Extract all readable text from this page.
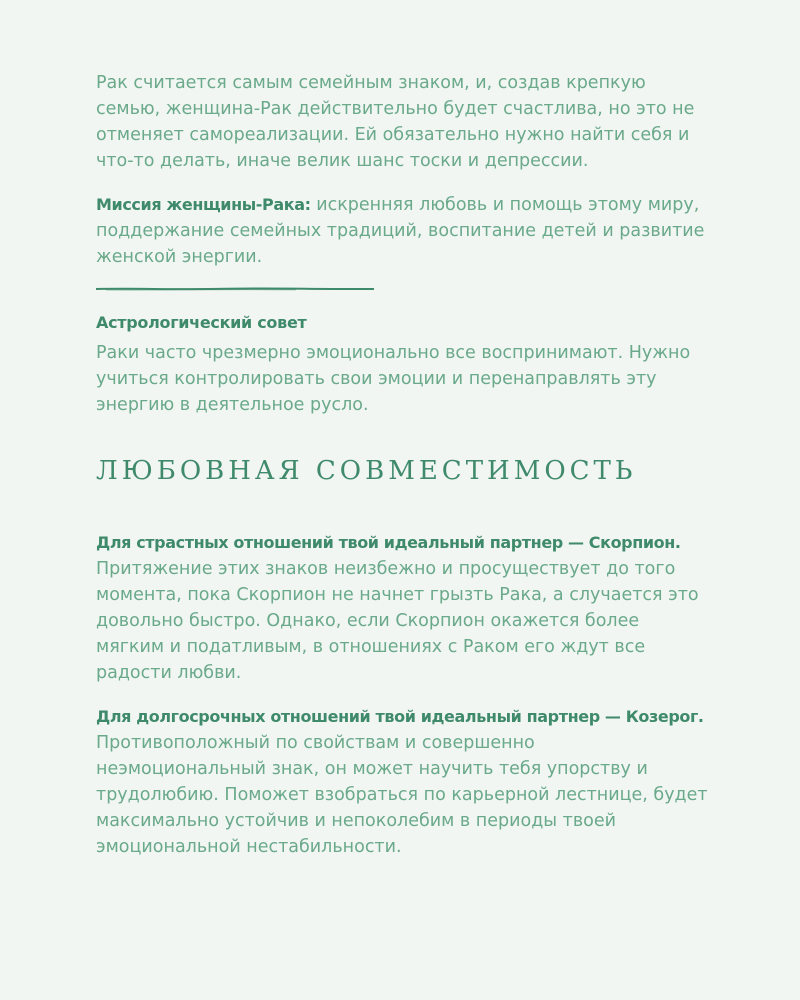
Рак считается самым семейным знаком, и, создав крепкую семью, женщина-Рак действительно будет счастлива, но это не отменяет самореализации. Ей обязательно нужно найти себя и что-то делать, иначе велик шанс тоски и депрессии.

Миссия женщины-Рака: искренняя любовь и помощь этому миру, поддержание семейных традиций, воспитание детей и развитие женской энергии.

Астрологический совет

Раки часто чрезмерно эмоционально все воспринимают. Нужно учиться контролировать свои эмоции и перенаправлять эту энергию в деятельное русло.

ЛЮБОВНАЯ СОВМЕСТИМОСТЬ

Для страстных отношений твой идеальный партнер — Скорпион. Притяжение этих знаков неизбежно и просуществует до того момента, пока Скорпион не начнет грызть Рака, а случается это довольно быстро. Однако, если Скорпион окажется более мягким и податливым, в отношениях с Раком его ждут все радости любви.

Для долгосрочных отношений твой идеальный партнер — Козерог. Противоположный по свойствам и совершенно неэмоциональный знак, он может научить тебя упорству и трудолюбию. Поможет взобраться по карьерной лестнице, будет максимально устойчив и непоколебим в периоды твоей эмоциональной нестабильности.
